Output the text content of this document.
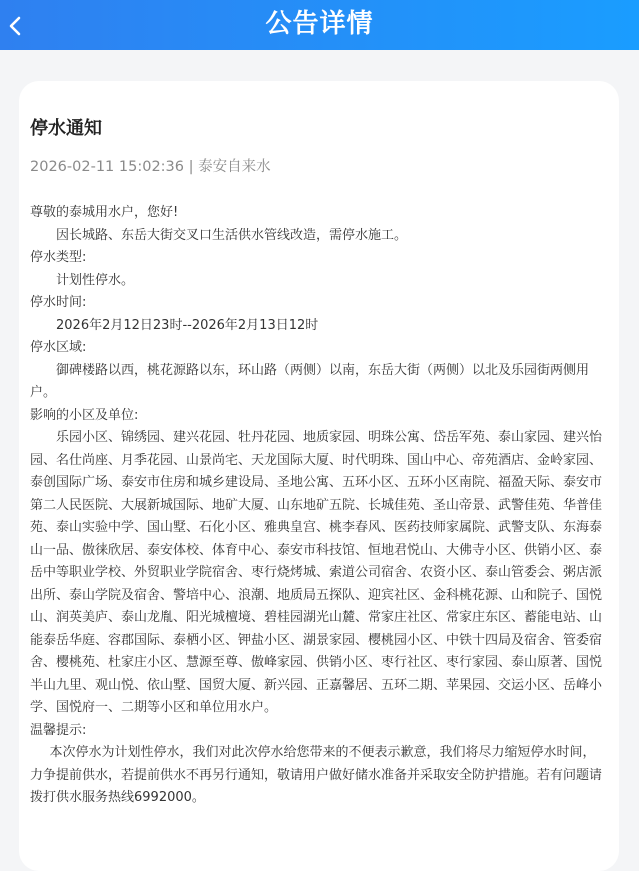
公告详情
停水通知
2026-02-11 15:02:36 | 泰安自来水

尊敬的泰城用水户，您好!

因长城路、东岳大街交叉口生活供水管线改造，需停水施工。

停水类型:

计划性停水。

停水时间:

2026年2月12日23时--2026年2月13日12时

停水区域:

御碑楼路以西，桃花源路以东，环山路（两侧）以南，东岳大街（两侧）以北及乐园街两侧用户。

影响的小区及单位:

乐园小区、锦绣园、建兴花园、牡丹花园、地质家园、明珠公寓、岱岳军苑、泰山家园、建兴怡园、名仕尚座、月季花园、山景尚宅、天龙国际大厦、时代明珠、国山中心、帝苑酒店、金岭家园、泰创国际广场、泰安市住房和城乡建设局、圣地公寓、五环小区、五环小区南院、福盈天际、泰安市第二人民医院、大展新城国际、地矿大厦、山东地矿五院、长城佳苑、圣山帝景、武警佳苑、华普佳苑、泰山实验中学、国山墅、石化小区、雅典皇宫、桃李春风、医药技师家属院、武警支队、东海泰山一品、傲徕欣居、泰安体校、体育中心、泰安市科技馆、恒地君悦山、大佛寺小区、供销小区、泰岳中等职业学校、外贸职业学院宿舍、枣行烧烤城、索道公司宿舍、农资小区、泰山管委会、粥店派出所、泰山学院及宿舍、警培中心、浪潮、地质局五探队、迎宾社区、金科桃花源、山和院子、国悦山、润英美庐、泰山龙胤、阳光城檀境、碧桂园湖光山麓、常家庄社区、常家庄东区、蓄能电站、山能泰岳华庭、容郡国际、泰栖小区、钾盐小区、湖景家园、樱桃园小区、中铁十四局及宿舍、管委宿舍、樱桃苑、杜家庄小区、慧源至尊、傲峰家园、供销小区、枣行社区、枣行家园、泰山原著、国悦半山九里、观山悦、依山墅、国贸大厦、新兴园、正嘉馨居、五环二期、苹果园、交运小区、岳峰小学、国悦府一、二期等小区和单位用水户。

温馨提示:

本次停水为计划性停水，我们对此次停水给您带来的不便表示歉意，我们将尽力缩短停水时间，力争提前供水，若提前供水不再另行通知，敬请用户做好储水准备并采取安全防护措施。若有问题请拨打供水服务热线6992000。
